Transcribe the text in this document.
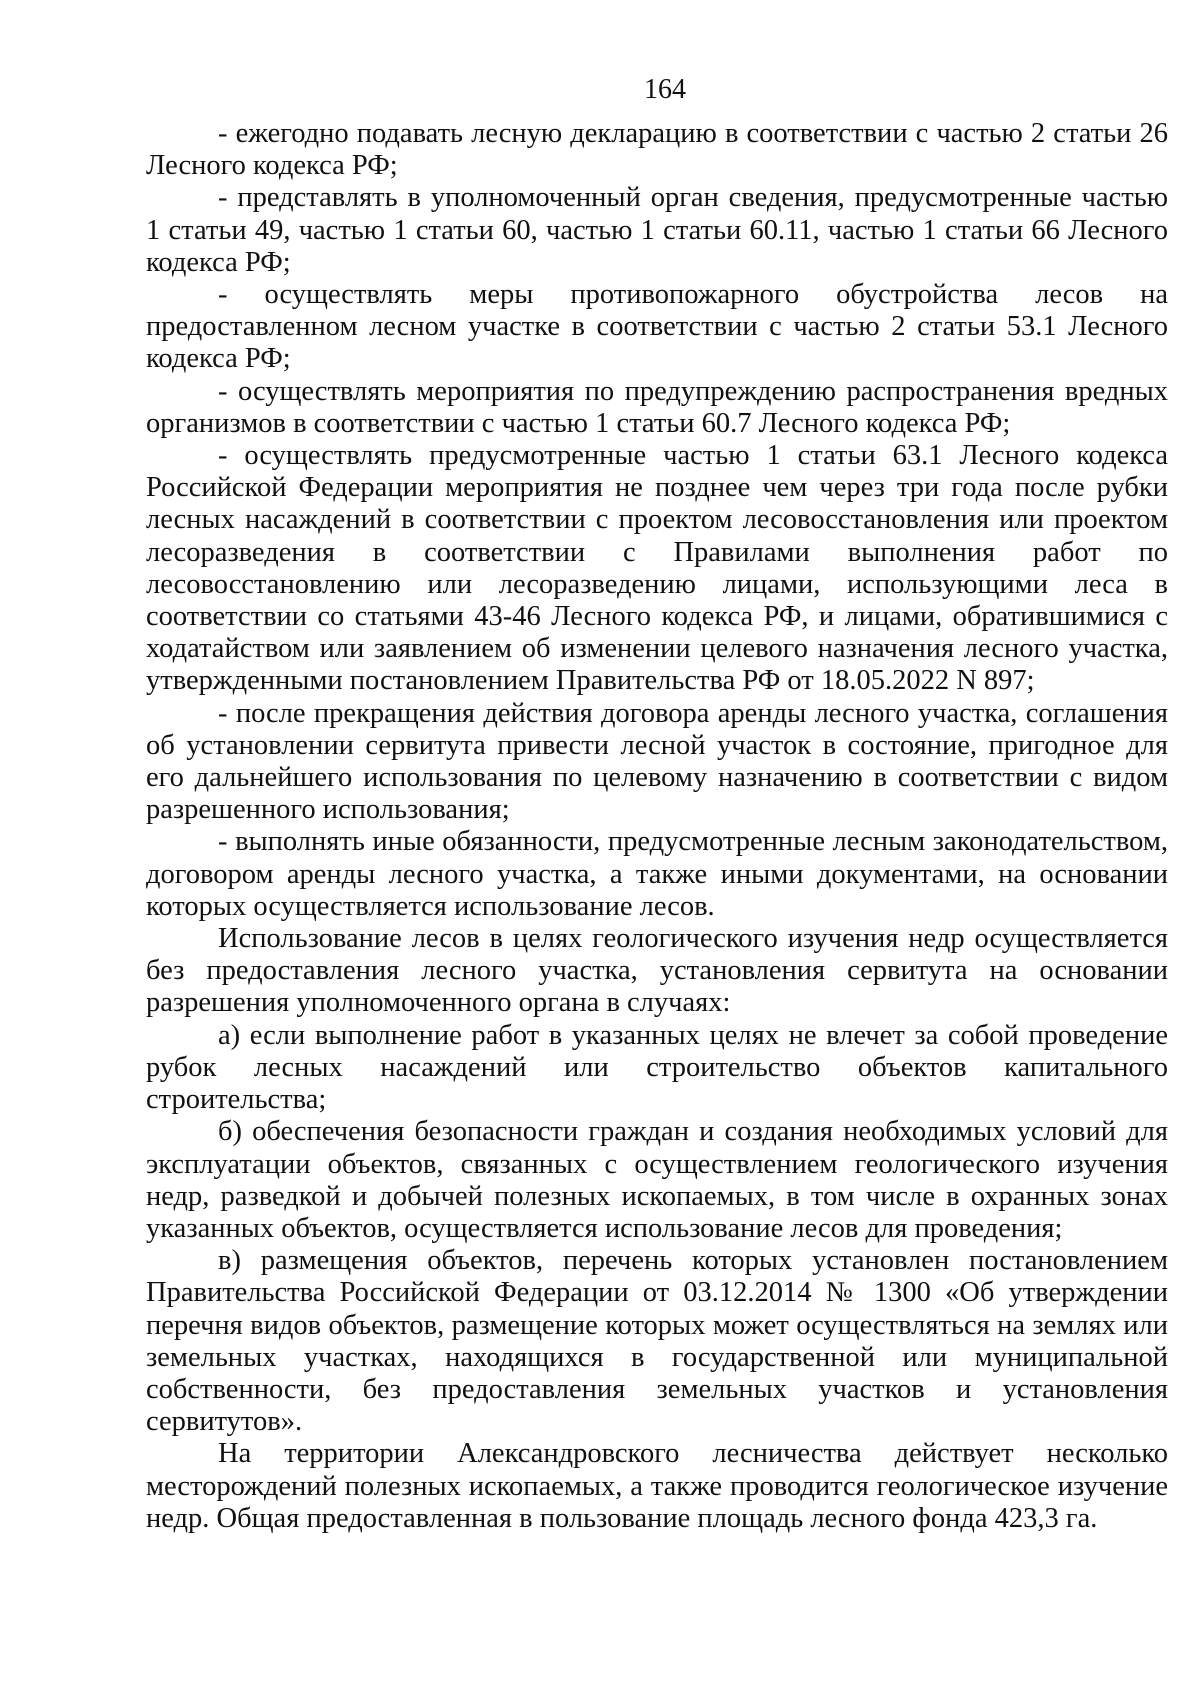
164

- ежегодно подавать лесную декларацию в соответствии с частью 2 статьи 26 Лесного кодекса РФ;

- представлять в уполномоченный орган сведения, предусмотренные частью 1 статьи 49, частью 1 статьи 60, частью 1 статьи 60.11, частью 1 статьи 66 Лесного кодекса РФ;

- осуществлять меры противопожарного обустройства лесов на предоставленном лесном участке в соответствии с частью 2 статьи 53.1 Лесного кодекса РФ;

- осуществлять мероприятия по предупреждению распространения вредных организмов в соответствии с частью 1 статьи 60.7 Лесного кодекса РФ;

- осуществлять предусмотренные частью 1 статьи 63.1 Лесного кодекса Российской Федерации мероприятия не позднее чем через три года после рубки лесных насаждений в соответствии с проектом лесовосстановления или проектом лесоразведения в соответствии с Правилами выполнения работ по лесовосстановлению или лесоразведению лицами, использующими леса в соответствии со статьями 43-46 Лесного кодекса РФ, и лицами, обратившимися с ходатайством или заявлением об изменении целевого назначения лесного участка, утвержденными постановлением Правительства РФ от 18.05.2022 N 897;

- после прекращения действия договора аренды лесного участка, соглашения об установлении сервитута привести лесной участок в состояние, пригодное для его дальнейшего использования по целевому назначению в соответствии с видом разрешенного использования;

- выполнять иные обязанности, предусмотренные лесным законодательством, договором аренды лесного участка, а также иными документами, на основании которых осуществляется использование лесов.

Использование лесов в целях геологического изучения недр осуществляется без предоставления лесного участка, установления сервитута на основании разрешения уполномоченного органа в случаях:

а) если выполнение работ в указанных целях не влечет за собой проведение рубок лесных насаждений или строительство объектов капитального строительства;

б) обеспечения безопасности граждан и создания необходимых условий для эксплуатации объектов, связанных с осуществлением геологического изучения недр, разведкой и добычей полезных ископаемых, в том числе в охранных зонах указанных объектов, осуществляется использование лесов для проведения;

в) размещения объектов, перечень которых установлен постановлением Правительства Российской Федерации от 03.12.2014 № 1300 «Об утверждении перечня видов объектов, размещение которых может осуществляться на землях или земельных участках, находящихся в государственной или муниципальной собственности, без предоставления земельных участков и установления сервитутов».

На территории Александровского лесничества действует несколько месторождений полезных ископаемых, а также проводится геологическое изучение недр. Общая предоставленная в пользование площадь лесного фонда 423,3 га.
